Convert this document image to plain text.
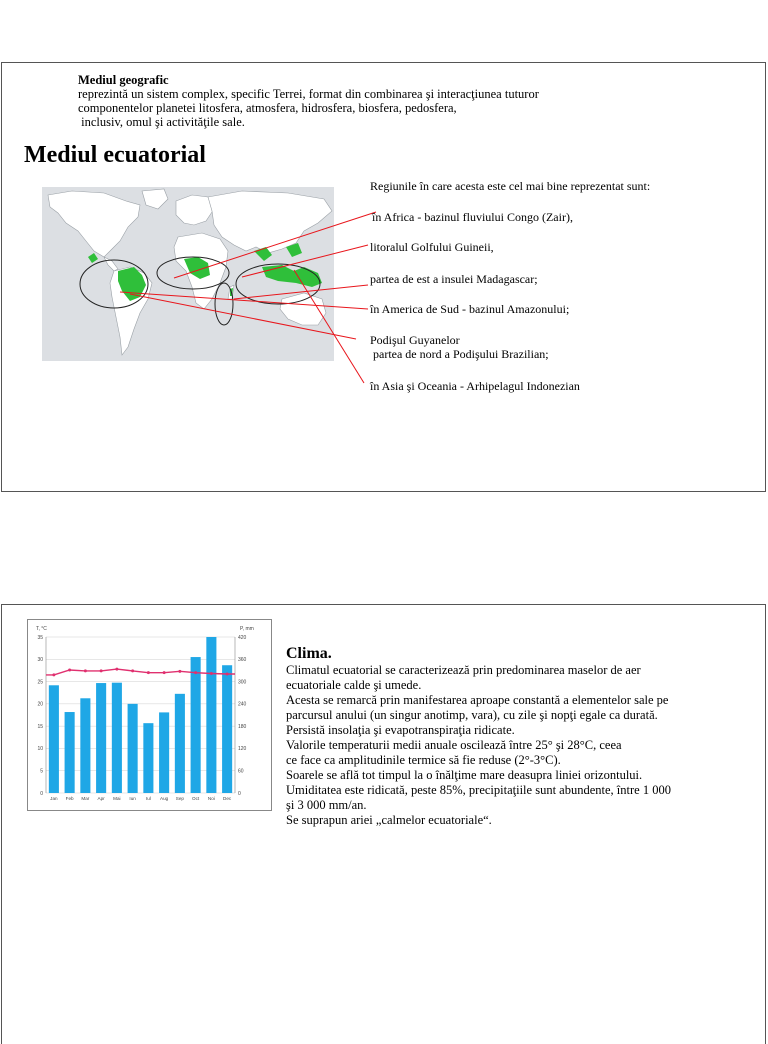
Mediul geografic
reprezintă un sistem complex, specific Terrei, format din combinarea şi interacţiunea tuturor
componentelor planetei litosfera, atmosfera, hidrosfera, biosfera, pedosfera,
inclusiv, omul şi activităţile sale.
Mediul ecuatorial
Regiunile în care acesta este cel mai bine reprezentat sunt:
în Africa - bazinul fluviului Congo (Zair),
litoralul Golfului Guineii,
partea de est a insulei Madagascar;
în America de Sud - bazinul Amazonului;
Podişul Guyanelor
partea de nord a Podişului Brazilian;
în Asia şi Oceania - Arhipelagul Indonezian
T, °C	P, mm
Jan Feb Mar Apr Mai Iun Iul Aug Sep Oct Noi Dec
0
5
10
15
20
25
30
35
0
60
120
180
240
300
360
420
Clima.
Climatul ecuatorial se caracterizează prin predominarea maselor de aer
ecuatoriale calde şi umede.
Acesta se remarcă prin manifestarea aproape constantă a elementelor sale pe
parcursul anului (un singur anotimp, vara), cu zile şi nopţi egale ca durată.
Persistă insolaţia şi evapotranspiraţia ridicate.
Valorile temperaturii medii anuale oscilează între 25° şi 28°C, ceea
ce face ca amplitudinile termice să fie reduse (2°-3°C).
Soarele se află tot timpul la o înălţime mare deasupra liniei orizontului.
Umiditatea este ridicată, peste 85%, precipitaţiile sunt abundente, între 1 000
şi 3 000 mm/an.
Se suprapun ariei „calmelor ecuatoriale“.
